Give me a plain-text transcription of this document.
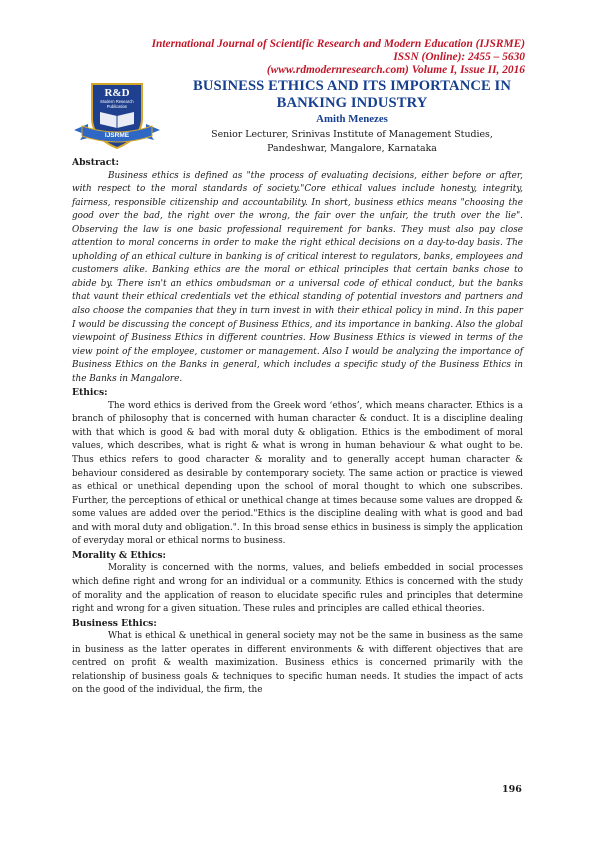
International Journal of Scientific Research and Modern Education (IJSRME)
ISSN (Online): 2455 – 5630
(www.rdmodernresearch.com) Volume I, Issue II, 2016
R&D
Modern Research
Publication
IJSRME
BUSINESS ETHICS AND ITS IMPORTANCE IN
BANKING INDUSTRY
Amith Menezes
Senior Lecturer, Srinivas Institute of Management Studies,
Pandeshwar, Mangalore, Karnataka
Abstract:

Business ethics is defined as "the process of evaluating decisions, either before or after, with respect to the moral standards of society."Core ethical values include honesty, integrity, fairness, responsible citizenship and accountability. In short, business ethics means "choosing the good over the bad, the right over the wrong, the fair over the unfair, the truth over the lie". Observing the law is one basic professional requirement for banks. They must also pay close attention to moral concerns in order to make the right ethical decisions on a day-to-day basis. The upholding of an ethical culture in banking is of critical interest to regulators, banks, employees and customers alike. Banking ethics are the moral or ethical principles that certain banks chose to abide by. There isn't an ethics ombudsman or a universal code of ethical conduct, but the banks that vaunt their ethical credentials vet the ethical standing of potential investors and partners and also choose the companies that they in turn invest in with their ethical policy in mind. In this paper I would be discussing the concept of Business Ethics, and its importance in banking. Also the global viewpoint of Business Ethics in different countries. How Business Ethics is viewed in terms of the view point of the employee, customer or management. Also I would be analyzing the importance of Business Ethics on the Banks in general, which includes a specific study of the Business Ethics in the Banks in Mangalore.

Ethics:

The word ethics is derived from the Greek word ‘ethos’, which means character. Ethics is a branch of philosophy that is concerned with human character & conduct. It is a discipline dealing with that which is good & bad with moral duty & obligation. Ethics is the embodiment of moral values, which describes, what is right & what is wrong in human behaviour & what ought to be. Thus ethics refers to good character & morality and to generally accept human character & behaviour considered as desirable by contemporary society. The same action or practice is viewed as ethical or unethical depending upon the school of moral thought to which one subscribes. Further, the perceptions of ethical or unethical change at times because some values are dropped & some values are added over the period."Ethics is the discipline dealing with what is good and bad and with moral duty and obligation.". In this broad sense ethics in business is simply the application of everyday moral or ethical norms to business.

Morality & Ethics:

Morality is concerned with the norms, values, and beliefs embedded in social processes which define right and wrong for an individual or a community. Ethics is concerned with the study of morality and the application of reason to elucidate specific rules and principles that determine right and wrong for a given situation. These rules and principles are called ethical theories.

Business Ethics:

What is ethical & unethical in general society may not be the same in business as the same in business as the latter operates in different environments & with different objectives that are centred on profit & wealth maximization. Business ethics is concerned primarily with the relationship of business goals & techniques to specific human needs. It studies the impact of acts on the good of the individual, the firm, the

196
